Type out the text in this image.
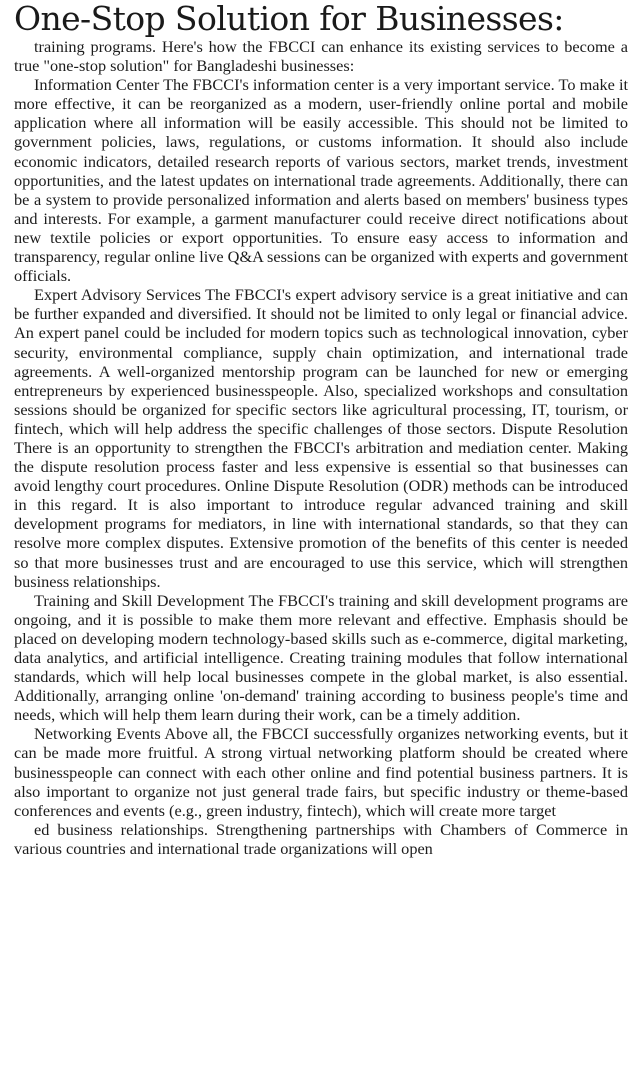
One-Stop Solution for Businesses:

training programs. Here's how the FBCCI can enhance its existing services to become a true "one-stop solution" for Bangladeshi businesses:

Information Center The FBCCI's information center is a very important service. To make it more effective, it can be reorganized as a modern, user-friendly online portal and mobile application where all information will be easily accessible. This should not be limited to government policies, laws, regulations, or customs information. It should also include economic indicators, detailed research reports of various sectors, market trends, investment opportunities, and the latest updates on international trade agreements. Additionally, there can be a system to provide personalized information and alerts based on members' business types and interests. For example, a garment manufacturer could receive direct notifications about new textile policies or export opportunities. To ensure easy access to information and transparency, regular online live Q&A sessions can be organized with experts and government officials.

Expert Advisory Services The FBCCI's expert advisory service is a great initiative and can be further expanded and diversified. It should not be limited to only legal or financial advice. An expert panel could be included for modern topics such as technological innovation, cyber security, environmental compliance, supply chain optimization, and international trade agreements. A well-organized mentorship program can be launched for new or emerging entrepreneurs by experienced businesspeople. Also, specialized workshops and consultation sessions should be organized for specific sectors like agricultural processing, IT, tourism, or fintech, which will help address the specific challenges of those sectors. Dispute Resolution There is an opportunity to strengthen the FBCCI's arbitration and mediation center. Making the dispute resolution process faster and less expensive is essential so that businesses can avoid lengthy court procedures. Online Dispute Resolution (ODR) methods can be introduced in this regard. It is also important to introduce regular advanced training and skill development programs for mediators, in line with international standards, so that they can resolve more complex disputes. Extensive promotion of the benefits of this center is needed so that more businesses trust and are encouraged to use this service, which will strengthen business relationships.

Training and Skill Development The FBCCI's training and skill development programs are ongoing, and it is possible to make them more relevant and effective. Emphasis should be placed on developing modern technology-based skills such as e-commerce, digital marketing, data analytics, and artificial intelligence. Creating training modules that follow international standards, which will help local businesses compete in the global market, is also essential. Additionally, arranging online 'on-demand' training according to business people's time and needs, which will help them learn during their work, can be a timely addition.

Networking Events Above all, the FBCCI successfully organizes networking events, but it can be made more fruitful. A strong virtual networking platform should be created where businesspeople can connect with each other online and find potential business partners. It is also important to organize not just general trade fairs, but specific industry or theme-based conferences and events (e.g., green industry, fintech), which will create more target

ed business relationships. Strengthening partnerships with Chambers of Commerce in various countries and international trade organizations will open
